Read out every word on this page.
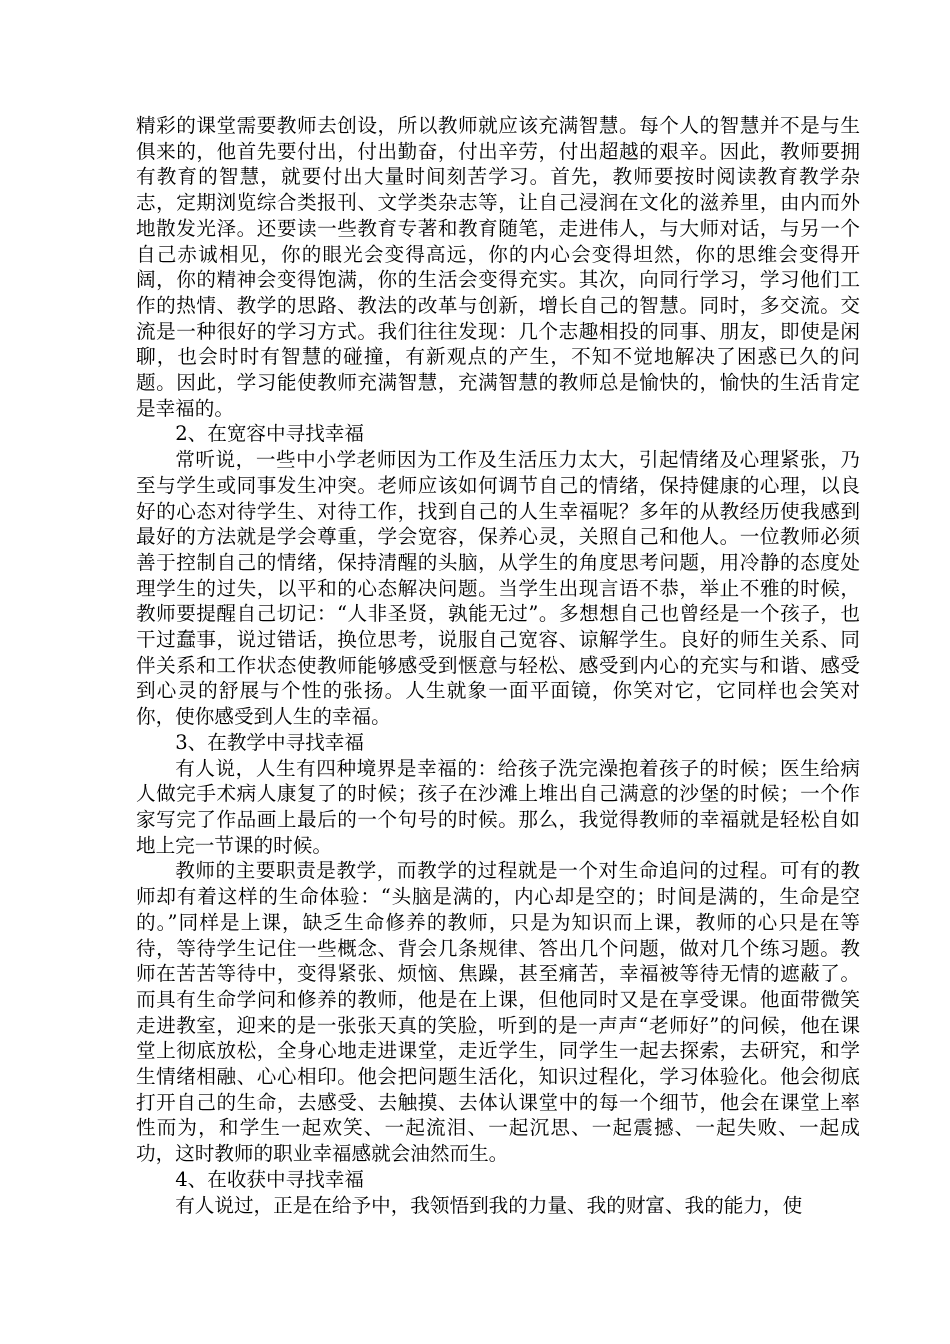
精彩的课堂需要教师去创设，所以教师就应该充满智慧。每个人的智慧并不是与生俱来的，他首先要付出，付出勤奋，付出辛劳，付出超越的艰辛。因此，教师要拥有教育的智慧，就要付出大量时间刻苦学习。首先，教师要按时阅读教育教学杂志，定期浏览综合类报刊、文学类杂志等，让自己浸润在文化的滋养里，由内而外地散发光泽。还要读一些教育专著和教育随笔，走进伟人，与大师对话，与另一个自己赤诚相见，你的眼光会变得高远，你的内心会变得坦然，你的思维会变得开阔，你的精神会变得饱满，你的生活会变得充实。其次，向同行学习，学习他们工作的热情、教学的思路、教法的改革与创新，增长自己的智慧。同时，多交流。交流是一种很好的学习方式。我们往往发现：几个志趣相投的同事、朋友，即使是闲聊，也会时时有智慧的碰撞，有新观点的产生，不知不觉地解决了困惑已久的问题。因此，学习能使教师充满智慧，充满智慧的教师总是愉快的，愉快的生活肯定是幸福的。

2、在宽容中寻找幸福

常听说，一些中小学老师因为工作及生活压力太大，引起情绪及心理紧张，乃至与学生或同事发生冲突。老师应该如何调节自己的情绪，保持健康的心理，以良好的心态对待学生、对待工作，找到自己的人生幸福呢？多年的从教经历使我感到最好的方法就是学会尊重，学会宽容，保养心灵，关照自己和他人。一位教师必须善于控制自己的情绪，保持清醒的头脑，从学生的角度思考问题，用冷静的态度处理学生的过失，以平和的心态解决问题。当学生出现言语不恭，举止不雅的时候，教师要提醒自己切记：“人非圣贤，孰能无过”。多想想自己也曾经是一个孩子，也干过蠢事，说过错话，换位思考，说服自己宽容、谅解学生。良好的师生关系、同伴关系和工作状态使教师能够感受到惬意与轻松、感受到内心的充实与和谐、感受到心灵的舒展与个性的张扬。人生就象一面平面镜，你笑对它，它同样也会笑对你，使你感受到人生的幸福。

3、在教学中寻找幸福

有人说，人生有四种境界是幸福的：给孩子洗完澡抱着孩子的时候；医生给病人做完手术病人康复了的时候；孩子在沙滩上堆出自己满意的沙堡的时候；一个作家写完了作品画上最后的一个句号的时候。那么，我觉得教师的幸福就是轻松自如地上完一节课的时候。

教师的主要职责是教学，而教学的过程就是一个对生命追问的过程。可有的教师却有着这样的生命体验：“头脑是满的，内心却是空的；时间是满的，生命是空的。”同样是上课，缺乏生命修养的教师，只是为知识而上课，教师的心只是在等待，等待学生记住一些概念、背会几条规律、答出几个问题，做对几个练习题。教师在苦苦等待中，变得紧张、烦恼、焦躁，甚至痛苦，幸福被等待无情的遮蔽了。而具有生命学问和修养的教师，他是在上课，但他同时又是在享受课。他面带微笑走进教室，迎来的是一张张天真的笑脸，听到的是一声声“老师好”的问候，他在课堂上彻底放松，全身心地走进课堂，走近学生，同学生一起去探索，去研究，和学生情绪相融、心心相印。他会把问题生活化，知识过程化，学习体验化。他会彻底打开自己的生命，去感受、去触摸、去体认课堂中的每一个细节，他会在课堂上率性而为，和学生一起欢笑、一起流泪、一起沉思、一起震撼、一起失败、一起成功，这时教师的职业幸福感就会油然而生。

4、在收获中寻找幸福

有人说过，正是在给予中，我领悟到我的力量、我的财富、我的能力，使
